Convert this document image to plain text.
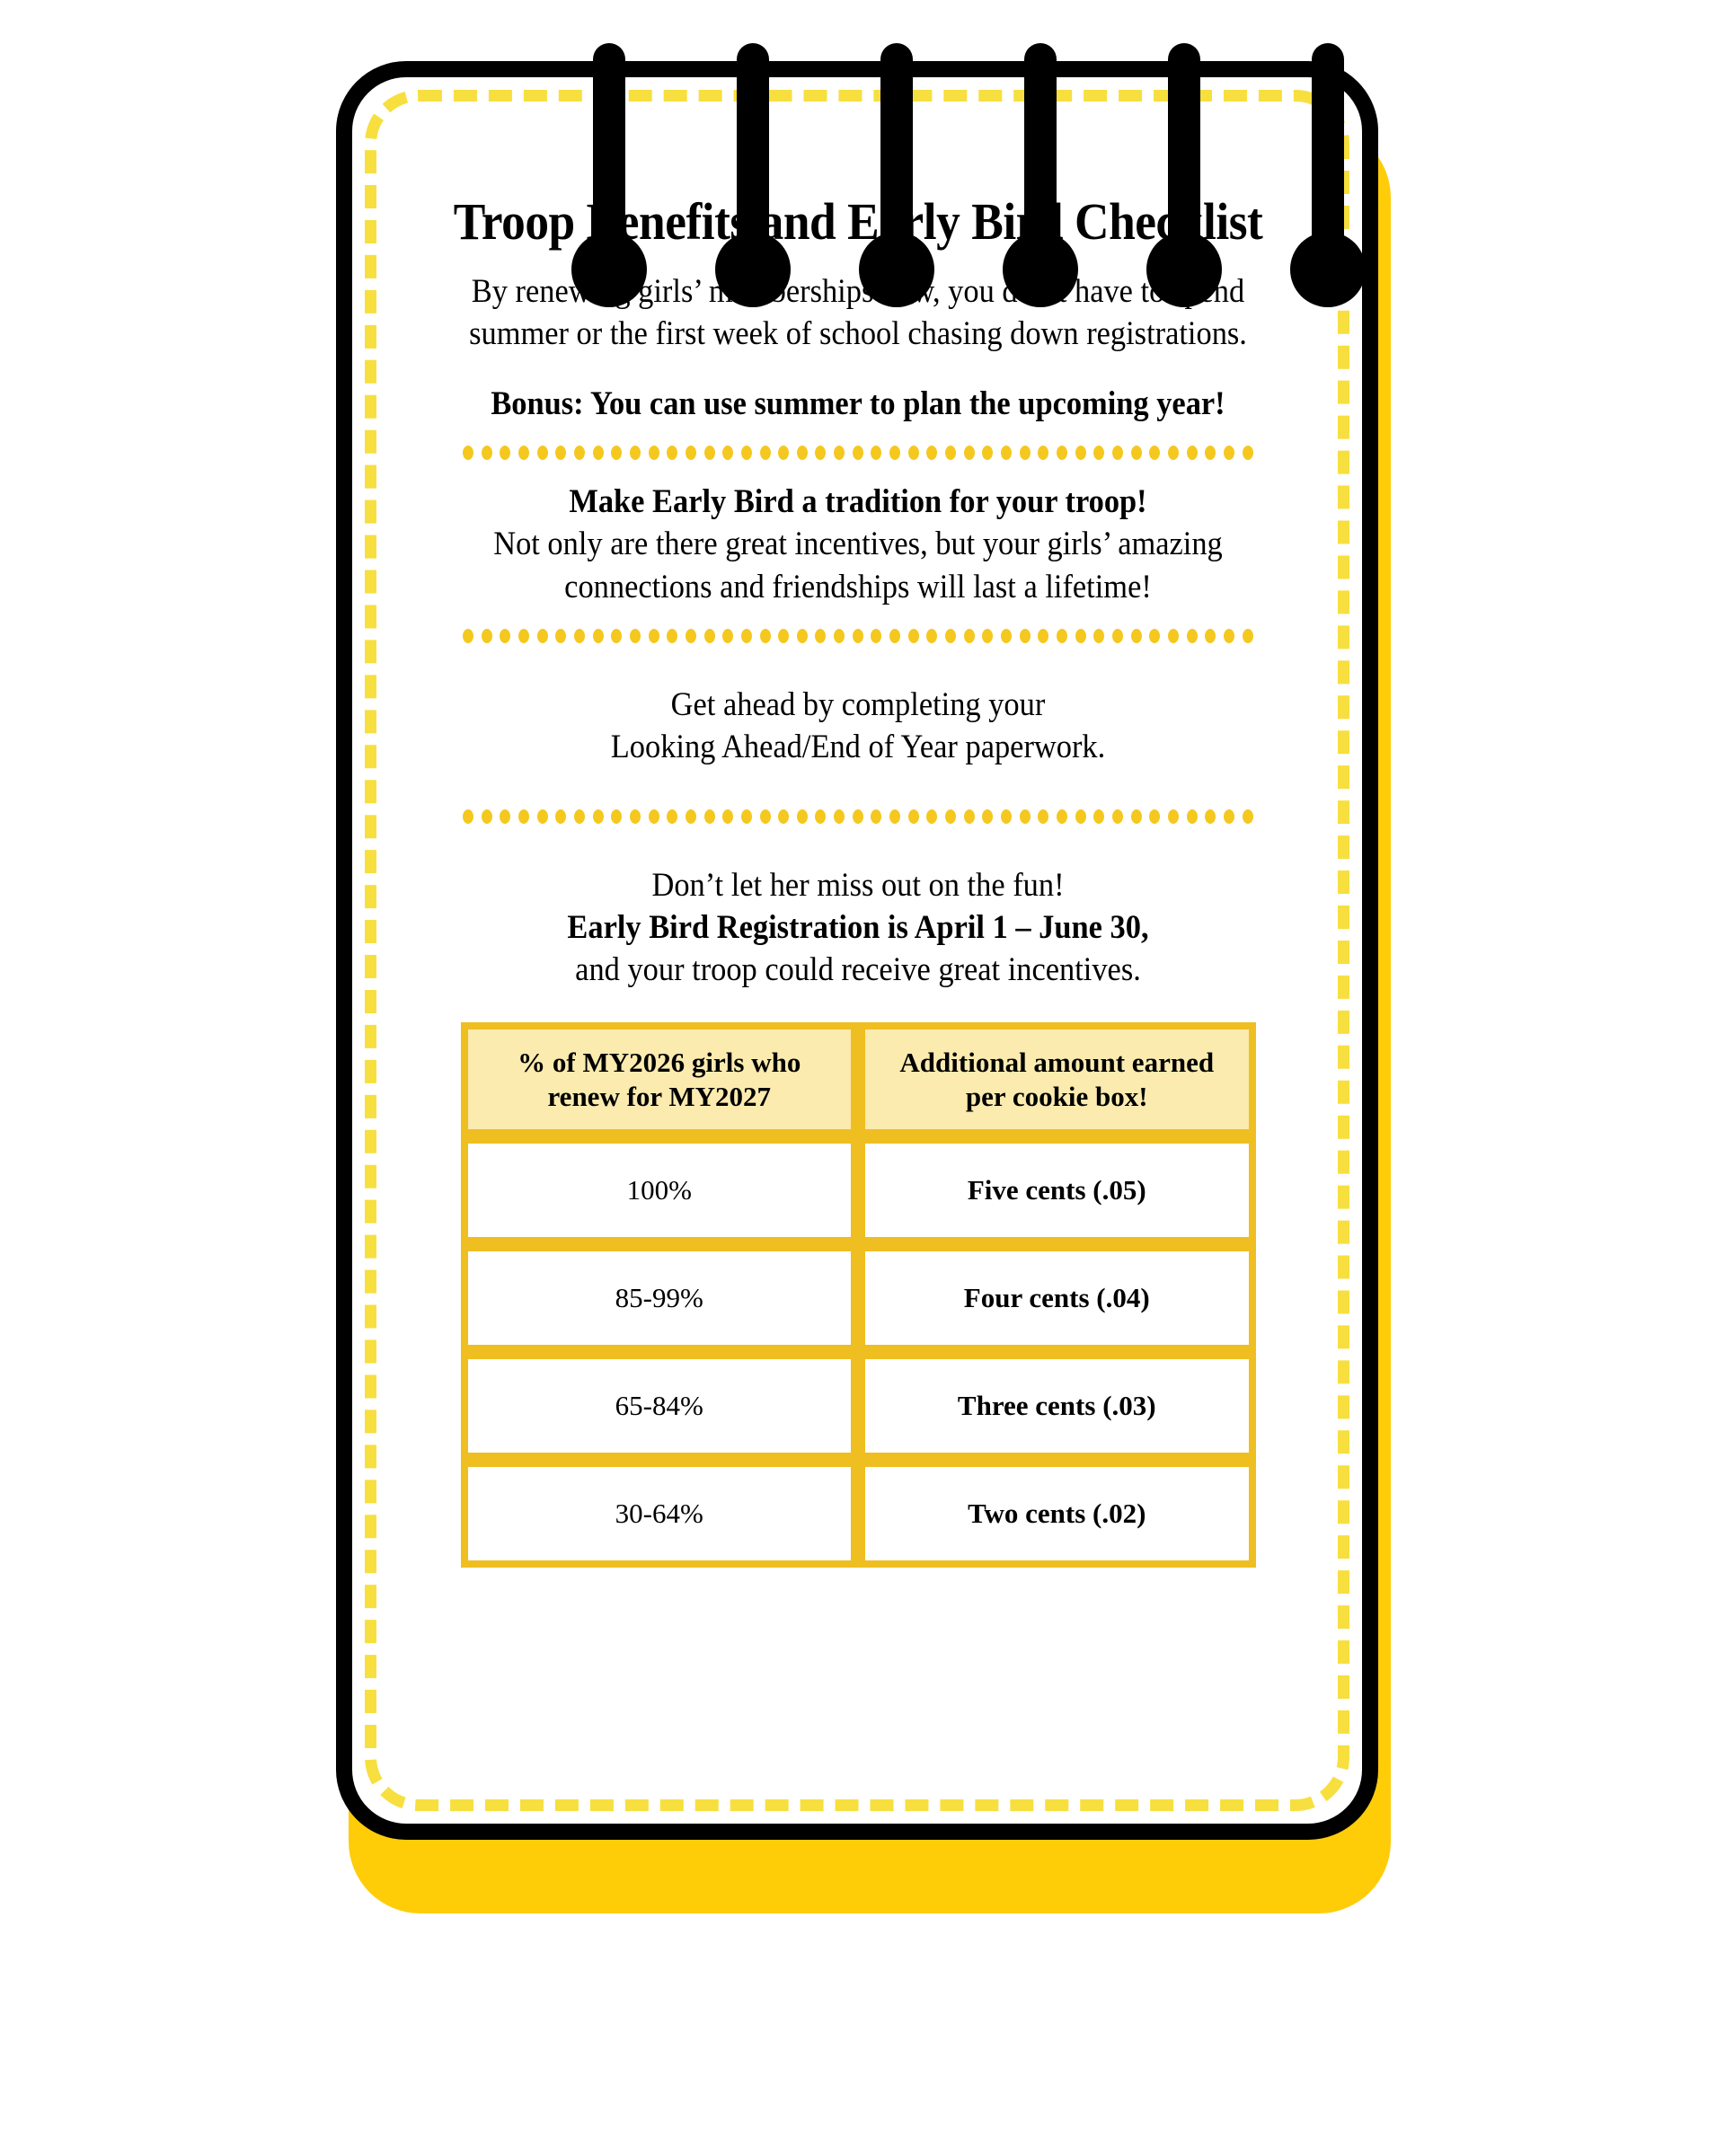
Troop Benefits and Early Bird Checklist

By renewing girls’ memberships now, you don’t have to spend

summer or the first week of school chasing down registrations.

Bonus: You can use summer to plan the upcoming year!

Make Early Bird a tradition for your troop!

Not only are there great incentives, but your girls’ amazing

connections and friendships will last a lifetime!

Get ahead by completing your

Looking Ahead/End of Year paperwork.

Don’t let her miss out on the fun!

Early Bird Registration is April 1 – June 30,

and your troop could receive great incentives.

% of MY2026 girls who
renew for MY2027	Additional amount earned
per cookie box!
100%	Five cents (.05)
85-99%	Four cents (.04)
65-84%	Three cents (.03)
30-64%	Two cents (.02)
